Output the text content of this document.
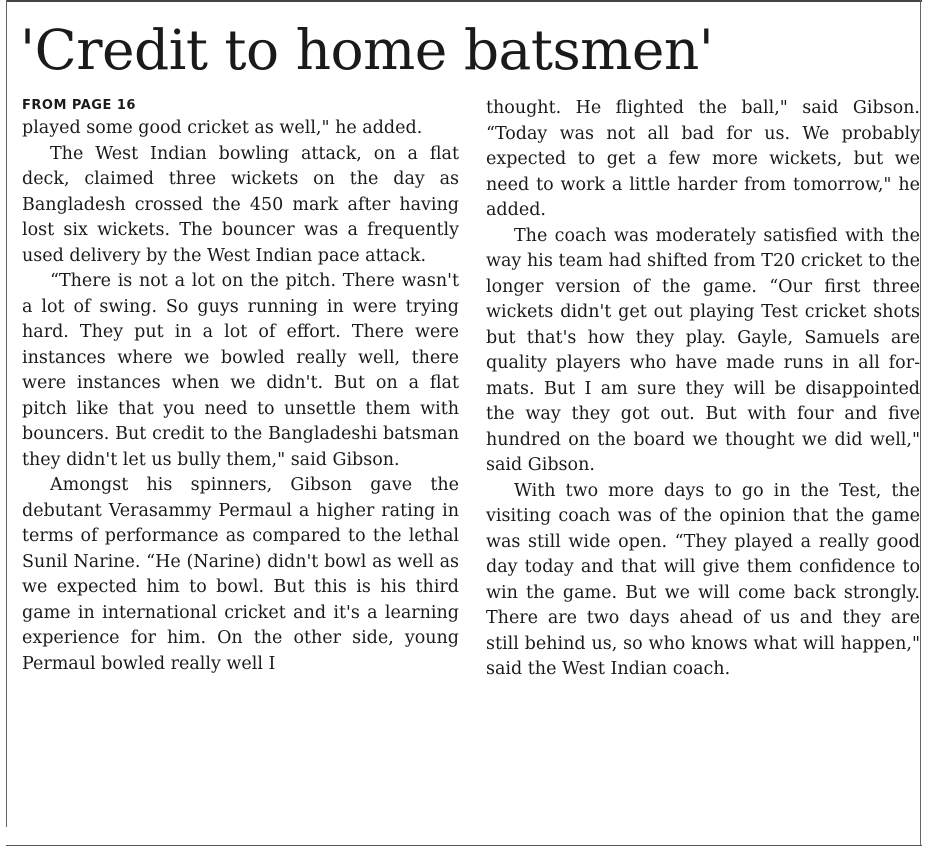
'Credit to home batsmen'
FROM PAGE 16

played some good cricket as well," he added.

The West Indian bowling attack, on a flat deck, claimed three wickets on the day as Bangladesh crossed the 450 mark after having lost six wickets. The bouncer was a frequently used delivery by the West Indian pace attack.

“There is not a lot on the pitch. There wasn't a lot of swing. So guys running in were trying hard. They put in a lot of effort. There were instances where we bowled really well, there were instances when we didn't. But on a flat pitch like that you need to unsettle them with bouncers. But credit to the Bangladeshi batsman they didn't let us bully them," said Gibson.

Amongst his spinners, Gibson gave the debutant Verasammy Permaul a higher rating in terms of performance as compared to the lethal Sunil Narine. “He (Narine) didn't bowl as well as we expected him to bowl. But this is his third game in international cricket and it's a learning experience for him. On the other side, young Permaul bowled really well I

thought. He flighted the ball," said Gibson. “Today was not all bad for us. We probably expected to get a few more wickets, but we need to work a little harder from tomorrow," he added.

The coach was moderately satisfied with the way his team had shifted from T20 cricket to the longer version of the game. “Our first three wickets didn't get out playing Test cricket shots but that's how they play. Gayle, Samuels are quality players who have made runs in all formats. But I am sure they will be disappointed the way they got out. But with four and five hundred on the board we thought we did well," said Gibson.

With two more days to go in the Test, the visiting coach was of the opinion that the game was still wide open. “They played a really good day today and that will give them confidence to win the game. But we will come back strongly. There are two days ahead of us and they are still behind us, so who knows what will happen," said the West Indian coach.
